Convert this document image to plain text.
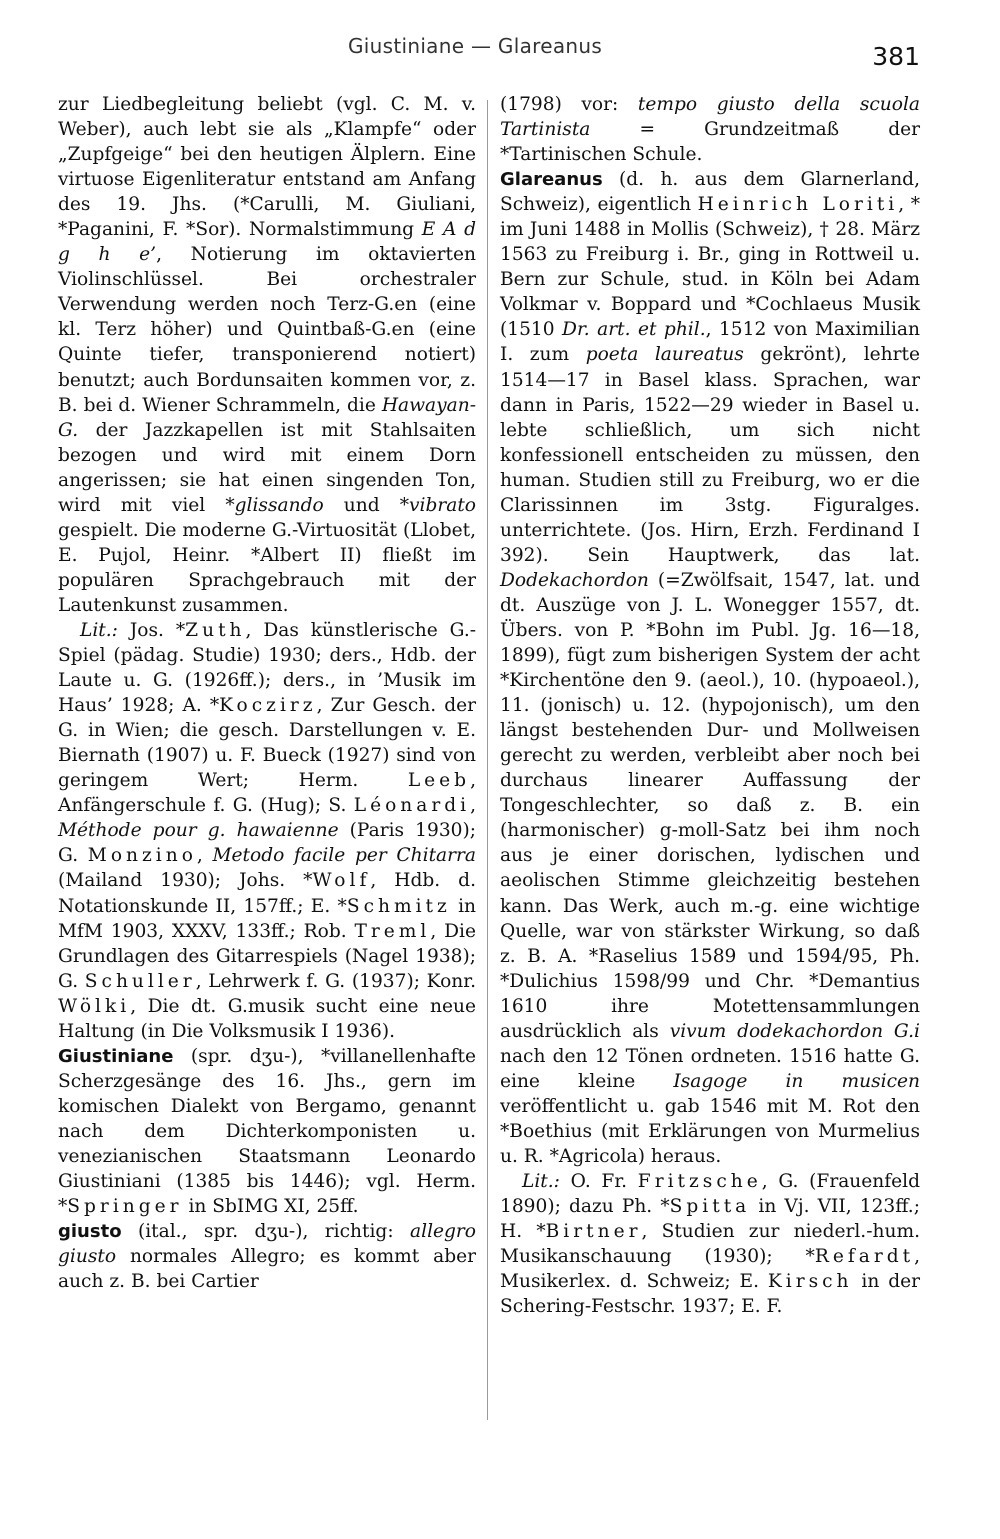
Giustiniane — Glareanus	381

zur Liedbegleitung beliebt (vgl. C. M. v. Weber), auch lebt sie als „Klampfe“ oder „Zupfgeige“ bei den heutigen Älplern. Eine virtuose Eigenliteratur entstand am Anfang des 19. Jhs. (*Carulli, M. Giuliani, *Paganini, F. *Sor). Normalstimmung E A d g h e’, Notierung im oktavierten Violinschlüssel. Bei orchestraler Verwendung werden noch Terz-G.en (eine kl. Terz höher) und Quintbaß-G.en (eine Quinte tiefer, transponierend notiert) benutzt; auch Bordunsaiten kommen vor, z. B. bei d. Wiener Schrammeln, die Hawayan-G. der Jazzkapellen ist mit Stahlsaiten bezogen und wird mit einem Dorn angerissen; sie hat einen singenden Ton, wird mit viel *glissando und *vibrato gespielt. Die moderne G.-Virtuosität (Llobet, E. Pujol, Heinr. *Albert II) fließt im populären Sprachgebrauch mit der Lautenkunst zusammen.

Lit.: Jos. *Zuth, Das künstlerische G.-Spiel (pädag. Studie) 1930; ders., Hdb. der Laute u. G. (1926ff.); ders., in ’Musik im Haus’ 1928; A. *Koczirz, Zur Gesch. der G. in Wien; die gesch. Darstellungen v. E. Biernath (1907) u. F. Bueck (1927) sind von geringem Wert; Herm. Leeb, Anfängerschule f. G. (Hug); S. Léonardi, Méthode pour g. hawaienne (Paris 1930); G. Monzino, Metodo facile per Chitarra (Mailand 1930); Johs. *Wolf, Hdb. d. Notationskunde II, 157ff.; E. *Schmitz in MfM 1903, XXXV, 133ff.; Rob. Treml, Die Grundlagen des Gitarrespiels (Nagel 1938); G. Schuller, Lehrwerk f. G. (1937); Konr. Wölki, Die dt. G.musik sucht eine neue Haltung (in Die Volksmusik I 1936).

Giustiniane (spr. dʒu-), *villanellenhafte Scherzgesänge des 16. Jhs., gern im komischen Dialekt von Bergamo, genannt nach dem Dichterkomponisten u. venezianischen Staatsmann Leonardo Giustiniani (1385 bis 1446); vgl. Herm. *Springer in SbIMG XI, 25ff.

giusto (ital., spr. dʒu-), richtig: allegro giusto normales Allegro; es kommt aber auch z. B. bei Cartier

(1798) vor: tempo giusto della scuola Tartinista = Grundzeitmaß der *Tartinischen Schule.

Glareanus (d. h. aus dem Glarnerland, Schweiz), eigentlich Heinrich Loriti, * im Juni 1488 in Mollis (Schweiz), † 28. März 1563 zu Freiburg i. Br., ging in Rottweil u. Bern zur Schule, stud. in Köln bei Adam Volkmar v. Boppard und *Cochlaeus Musik (1510 Dr. art. et phil., 1512 von Maximilian I. zum poeta laureatus gekrönt), lehrte 1514—17 in Basel klass. Sprachen, war dann in Paris, 1522—29 wieder in Basel u. lebte schließlich, um sich nicht konfessionell entscheiden zu müssen, den human. Studien still zu Freiburg, wo er die Clarissinnen im 3stg. Figuralges. unterrichtete. (Jos. Hirn, Erzh. Ferdinand I 392). Sein Hauptwerk, das lat. Dodekachordon (=Zwölfsait, 1547, lat. und dt. Auszüge von J. L. Wonegger 1557, dt. Übers. von P. *Bohn im Publ. Jg. 16—18, 1899), fügt zum bisherigen System der acht *Kirchentöne den 9. (aeol.), 10. (hypoaeol.), 11. (jonisch) u. 12. (hypojonisch), um den längst bestehenden Dur- und Mollweisen gerecht zu werden, verbleibt aber noch bei durchaus linearer Auffassung der Tongeschlechter, so daß z. B. ein (harmonischer) g-moll-Satz bei ihm noch aus je einer dorischen, lydischen und aeolischen Stimme gleichzeitig bestehen kann. Das Werk, auch m.-g. eine wichtige Quelle, war von stärkster Wirkung, so daß z. B. A. *Raselius 1589 und 1594/95, Ph. *Dulichius 1598/99 und Chr. *Demantius 1610 ihre Motettensammlungen ausdrücklich als vivum dodekachordon G.i nach den 12 Tönen ordneten. 1516 hatte G. eine kleine Isagoge in musicen veröffentlicht u. gab 1546 mit M. Rot den *Boethius (mit Erklärungen von Murmelius u. R. *Agricola) heraus.

Lit.: O. Fr. Fritzsche, G. (Frauenfeld 1890); dazu Ph. *Spitta in Vj. VII, 123ff.; H. *Birtner, Studien zur niederl.-hum. Musikanschauung (1930); *Refardt, Musikerlex. d. Schweiz; E. Kirsch in der Schering-Festschr. 1937; E. F.
